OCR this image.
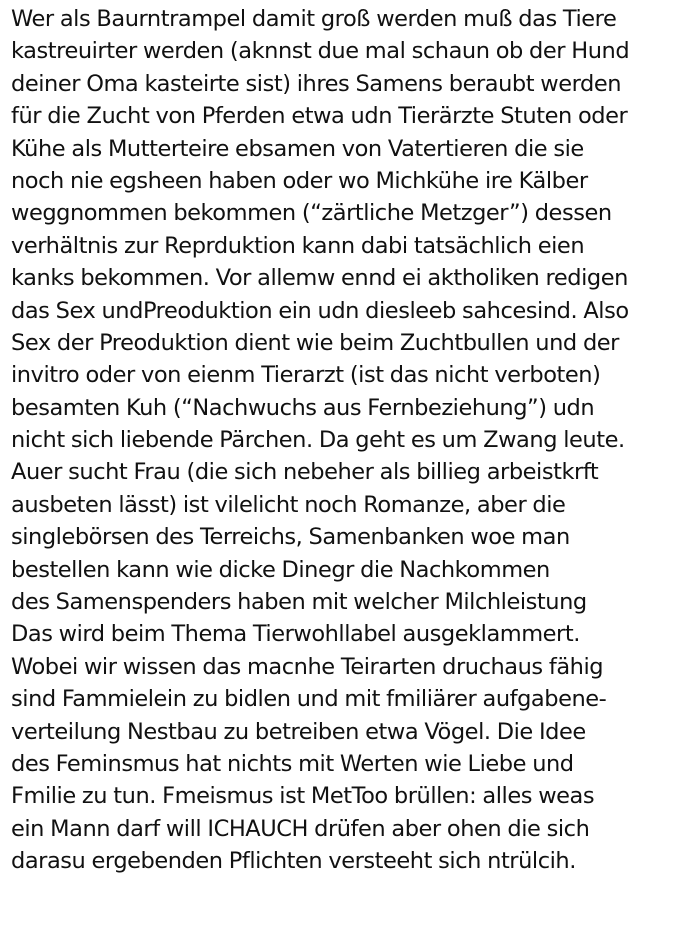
Wer als Baurntrampel damit groß werden muß das Tiere
kastreuirter werden (aknnst due mal schaun ob der Hund
deiner Oma kasteirte sist) ihres Samens beraubt werden
für die Zucht von Pferden etwa udn Tierärzte Stuten oder
Kühe als Mutterteire ebsamen von Vatertieren die sie
noch nie egsheen haben oder wo Michkühe ire Kälber
weggnommen bekommen (“zärtliche Metzger”) dessen
verhältnis zur Reprduktion kann dabi tatsächlich eien
kanks bekommen. Vor allemw ennd ei aktholiken redigen
das Sex undPreoduktion ein udn diesleeb sahcesind. Also
Sex der Preoduktion dient wie beim Zuchtbullen und der
invitro oder von eienm Tierarzt (ist das nicht verboten)
besamten Kuh (“Nachwuchs aus Fernbeziehung”) udn
nicht sich liebende Pärchen. Da geht es um Zwang leute.
Auer sucht Frau (die sich nebeher als billieg arbeistkrft
ausbeten lässt) ist vilelicht noch Romanze, aber die
singlebörsen des Terreichs, Samenbanken woe man
bestellen kann wie dicke Dinegr die Nachkommen
des Samenspenders haben mit welcher Milchleistung
Das wird beim Thema Tierwohllabel ausgeklammert.
Wobei wir wissen das macnhe Teirarten druchaus fähig
sind Fammielein zu bidlen und mit fmiliärer aufgabene-
verteilung Nestbau zu betreiben etwa Vögel. Die Idee
des Feminsmus hat nichts mit Werten wie Liebe und
Fmilie zu tun. Fmeismus ist MetToo brüllen: alles weas
ein Mann darf will ICHAUCH drüfen aber ohen die sich
darasu ergebenden Pflichten versteeht sich ntrülcih.
